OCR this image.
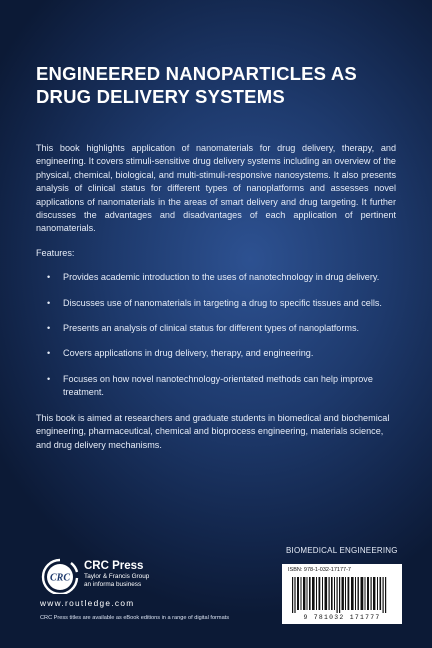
ENGINEERED NANOPARTICLES AS DRUG DELIVERY SYSTEMS

This book highlights application of nanomaterials for drug delivery, therapy, and engineering. It covers stimuli-sensitive drug delivery systems including an overview of the physical, chemical, biological, and multi-stimuli-responsive nanosystems. It also presents analysis of clinical status for different types of nanoplatforms and assesses novel applications of nanomaterials in the areas of smart delivery and drug targeting. It further discusses the advantages and disadvantages of each application of pertinent nanomaterials.

Features:

• Provides academic introduction to the uses of nanotechnology in drug delivery.
• Discusses use of nanomaterials in targeting a drug to specific tissues and cells.
• Presents an analysis of clinical status for different types of nanoplatforms.
• Covers applications in drug delivery, therapy, and engineering.
• Focuses on how novel nanotechnology-orientated methods can help improve treatment.

This book is aimed at researchers and graduate students in biomedical and biochemical engineering, pharmaceutical, chemical and bioprocess engineering, materials science, and drug delivery mechanisms.

BIOMEDICAL ENGINEERING
ISBN: 978-1-032-17177-7
9 781032 171777
CRC
CRC Press
Taylor & Francis Group
an informa business
www.routledge.com
CRC Press titles are available as eBook editions in a range of digital formats
